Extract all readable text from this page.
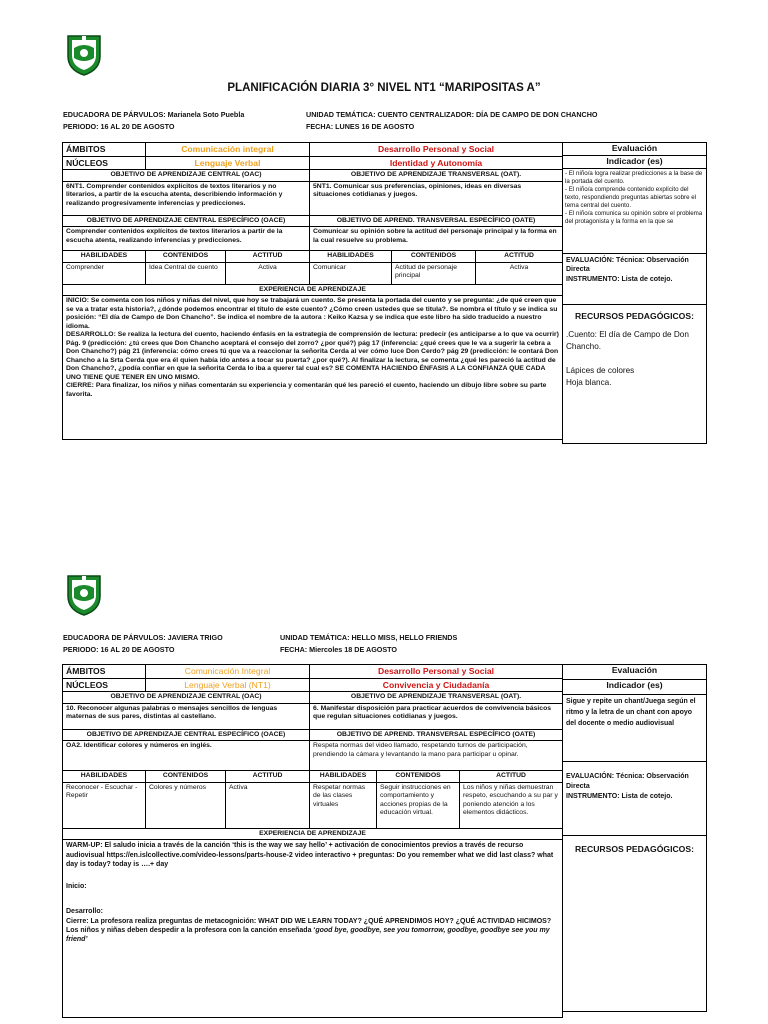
PLANIFICACIÓN DIARIA 3° NIVEL NT1 “MARIPOSITAS A”
EDUCADORA DE PÁRVULOS: Marianela Soto Puebla	UNIDAD TEMÁTICA: CUENTO CENTRALIZADOR: DÍA DE CAMPO DE DON CHANCHO
PERIODO: 16 AL 20 DE AGOSTO	FECHA: LUNES 16 DE AGOSTO
ÁMBITOS	Comunicación integral		Desarrollo Personal y Social		
NÚCLEOS	Lenguaje Verbal		Identidad y Autonomía		
OBJETIVO DE APRENDIZAJE CENTRAL (OAC)			OBJETIVO DE APRENDIZAJE TRANSVERSAL (OAT).		
6NT1. Comprender contenidos explícitos de textos literarios y no literarios, a partir de la escucha atenta, describiendo información y realizando progresivamente inferencias y predicciones.			5NT1. Comunicar sus preferencias, opiniones, ideas en diversas situaciones cotidianas y juegos.		
OBJETIVO DE APRENDIZAJE CENTRAL ESPECÍFICO (OACE)			OBJETIVO DE APREND. TRANSVERSAL ESPECÍFICO (OATE)		
Comprender contenidos explícitos de textos literarios a partir de la escucha atenta, realizando inferencias y predicciones.			Comunicar su opinión sobre la actitud del personaje principal y la forma en la cual resuelve su problema.		
HABILIDADES	CONTENIDOS	ACTITUD	HABILIDADES	CONTENIDOS	ACTITUD
Comprender	Idea Central de cuento	Activa	Comunicar	Actitud de personaje principal	Activa
EXPERIENCIA DE APRENDIZAJE					
INICIO: Se comenta con los niños y niñas del nivel, que hoy se trabajará un cuento. Se presenta la portada del cuento y se pregunta: ¿de qué creen que se va a tratar esta historia?, ¿dónde podemos encontrar el título de este cuento? ¿Cómo creen ustedes que se titula?. Se nombra el título y se indica su posición: “El día de Campo de Don Chancho”. Se indica el nombre de la autora : Keiko Kazsa y se indica que este libro ha sido traducido a nuestro idioma.
DESARROLLO: Se realiza la lectura del cuento, haciendo énfasis en la estrategia de comprensión de lectura: predecir (es anticiparse a lo que va ocurrir) Pág. 9 (predicción: ¿tú crees que Don Chancho aceptará el consejo del zorro? ¿por qué?) pág 17 (inferencia: ¿qué crees que le va a sugerir la cebra a Don Chancho?) pág 21 (inferencia: cómo crees tú que va a reaccionar la señorita Cerda al ver cómo luce Don Cerdo? pág 29 (predicción: le contará Don Chancho a la Srta Cerda que era él quien había ido antes a tocar su puerta? ¿por qué?). Al finalizar la lectura, se comenta ¿qué les pareció la actitud de Don Chancho?, ¿podía confiar en que la señorita Cerda lo iba a querer tal cual es? SE COMENTA HACIENDO ÉNFASIS A LA CONFIANZA QUE CADA UNO TIENE QUE TENER EN UNO MISMO.
CIERRE: Para finalizar, los niños y niñas comentarán su experiencia y comentarán qué les pareció el cuento, haciendo un dibujo libre sobre su parte favorita.					
Evaluación
Indicador (es)
- El niño/a logra realizar predicciones a la base de la portada del cuento.
- El niño/a comprende contenido explícito del texto, respondiendo preguntas abiertas sobre el tema central del cuento.
- El niño/a comunica su opinión sobre el problema del protagonista y la forma en la que se
EVALUACIÓN: Técnica: Observación Directa
INSTRUMENTO: Lista de cotejo.
RECURSOS PEDAGÓGICOS:
.Cuento: El día de Campo de Don Chancho.

Lápices de colores
Hoja blanca.
EDUCADORA DE PÁRVULOS: JAVIERA TRIGO	UNIDAD TEMÁTICA: HELLO MISS, HELLO FRIENDS
PERIODO: 16 AL 20 DE AGOSTO	FECHA: Miercoles 18 DE AGOSTO
ÁMBITOS	Comunicación Integral		Desarrollo Personal y Social		
NÚCLEOS	Lenguaje Verbal (NT1)		Convivencia y Ciudadanía		
OBJETIVO DE APRENDIZAJE CENTRAL (OAC)			OBJETIVO DE APRENDIZAJE TRANSVERSAL (OAT).		
10. Reconocer algunas palabras o mensajes sencillos de lenguas maternas de sus pares, distintas al castellano.			6. Manifestar disposición para practicar acuerdos de convivencia básicos que regulan situaciones cotidianas y juegos.		
OBJETIVO DE APRENDIZAJE CENTRAL ESPECÍFICO (OACE)			OBJETIVO DE APREND. TRANSVERSAL ESPECÍFICO (OATE)		
OA2. Identificar colores y números en inglés.			Respeta normas del video llamado, respetando turnos de participación, prendiendo la cámara y levantando la mano para participar u opinar.		
HABILIDADES	CONTENIDOS	ACTITUD	HABILIDADES	CONTENIDOS	ACTITUD
Reconocer - Escuchar - Repetir	Colores y números	Activa	Respetar normas de las clases virtuales	Seguir instrucciones en comportamiento y acciones propias de la educación virtual.	Los niños y niñas demuestran respeto, escuchando a su par y poniendo atención a los elementos didácticos.
EXPERIENCIA DE APRENDIZAJE					

WARM-UP: El saludo inicia a través de la canción ‘this is the way we say hello’ + activación de conocimientos previos a través de recurso audiovisual https://en.islcollective.com/video-lessons/parts-house-2 video interactivo + preguntas: Do you remember what we did last class? what day is today? today is ….+ day
Inicio:
Desarrollo:
Cierre: La profesora realiza preguntas de metacognición: WHAT DID WE LEARN TODAY? ¿QUÉ APRENDIMOS HOY? ¿QUÉ ACTIVIDAD HICIMOS?
Los niños y niñas deben despedir a la profesora con la canción enseñada ‘good bye, goodbye, see you tomorrow, goodbye, goodbye see you my friend’					
Evaluación
Indicador (es)
Sigue y repite un chant/Juega según el ritmo y la letra de un chant con apoyo del docente o medio audiovisual
EVALUACIÓN: Técnica: Observación Directa
INSTRUMENTO: Lista de cotejo.
RECURSOS PEDAGÓGICOS:
